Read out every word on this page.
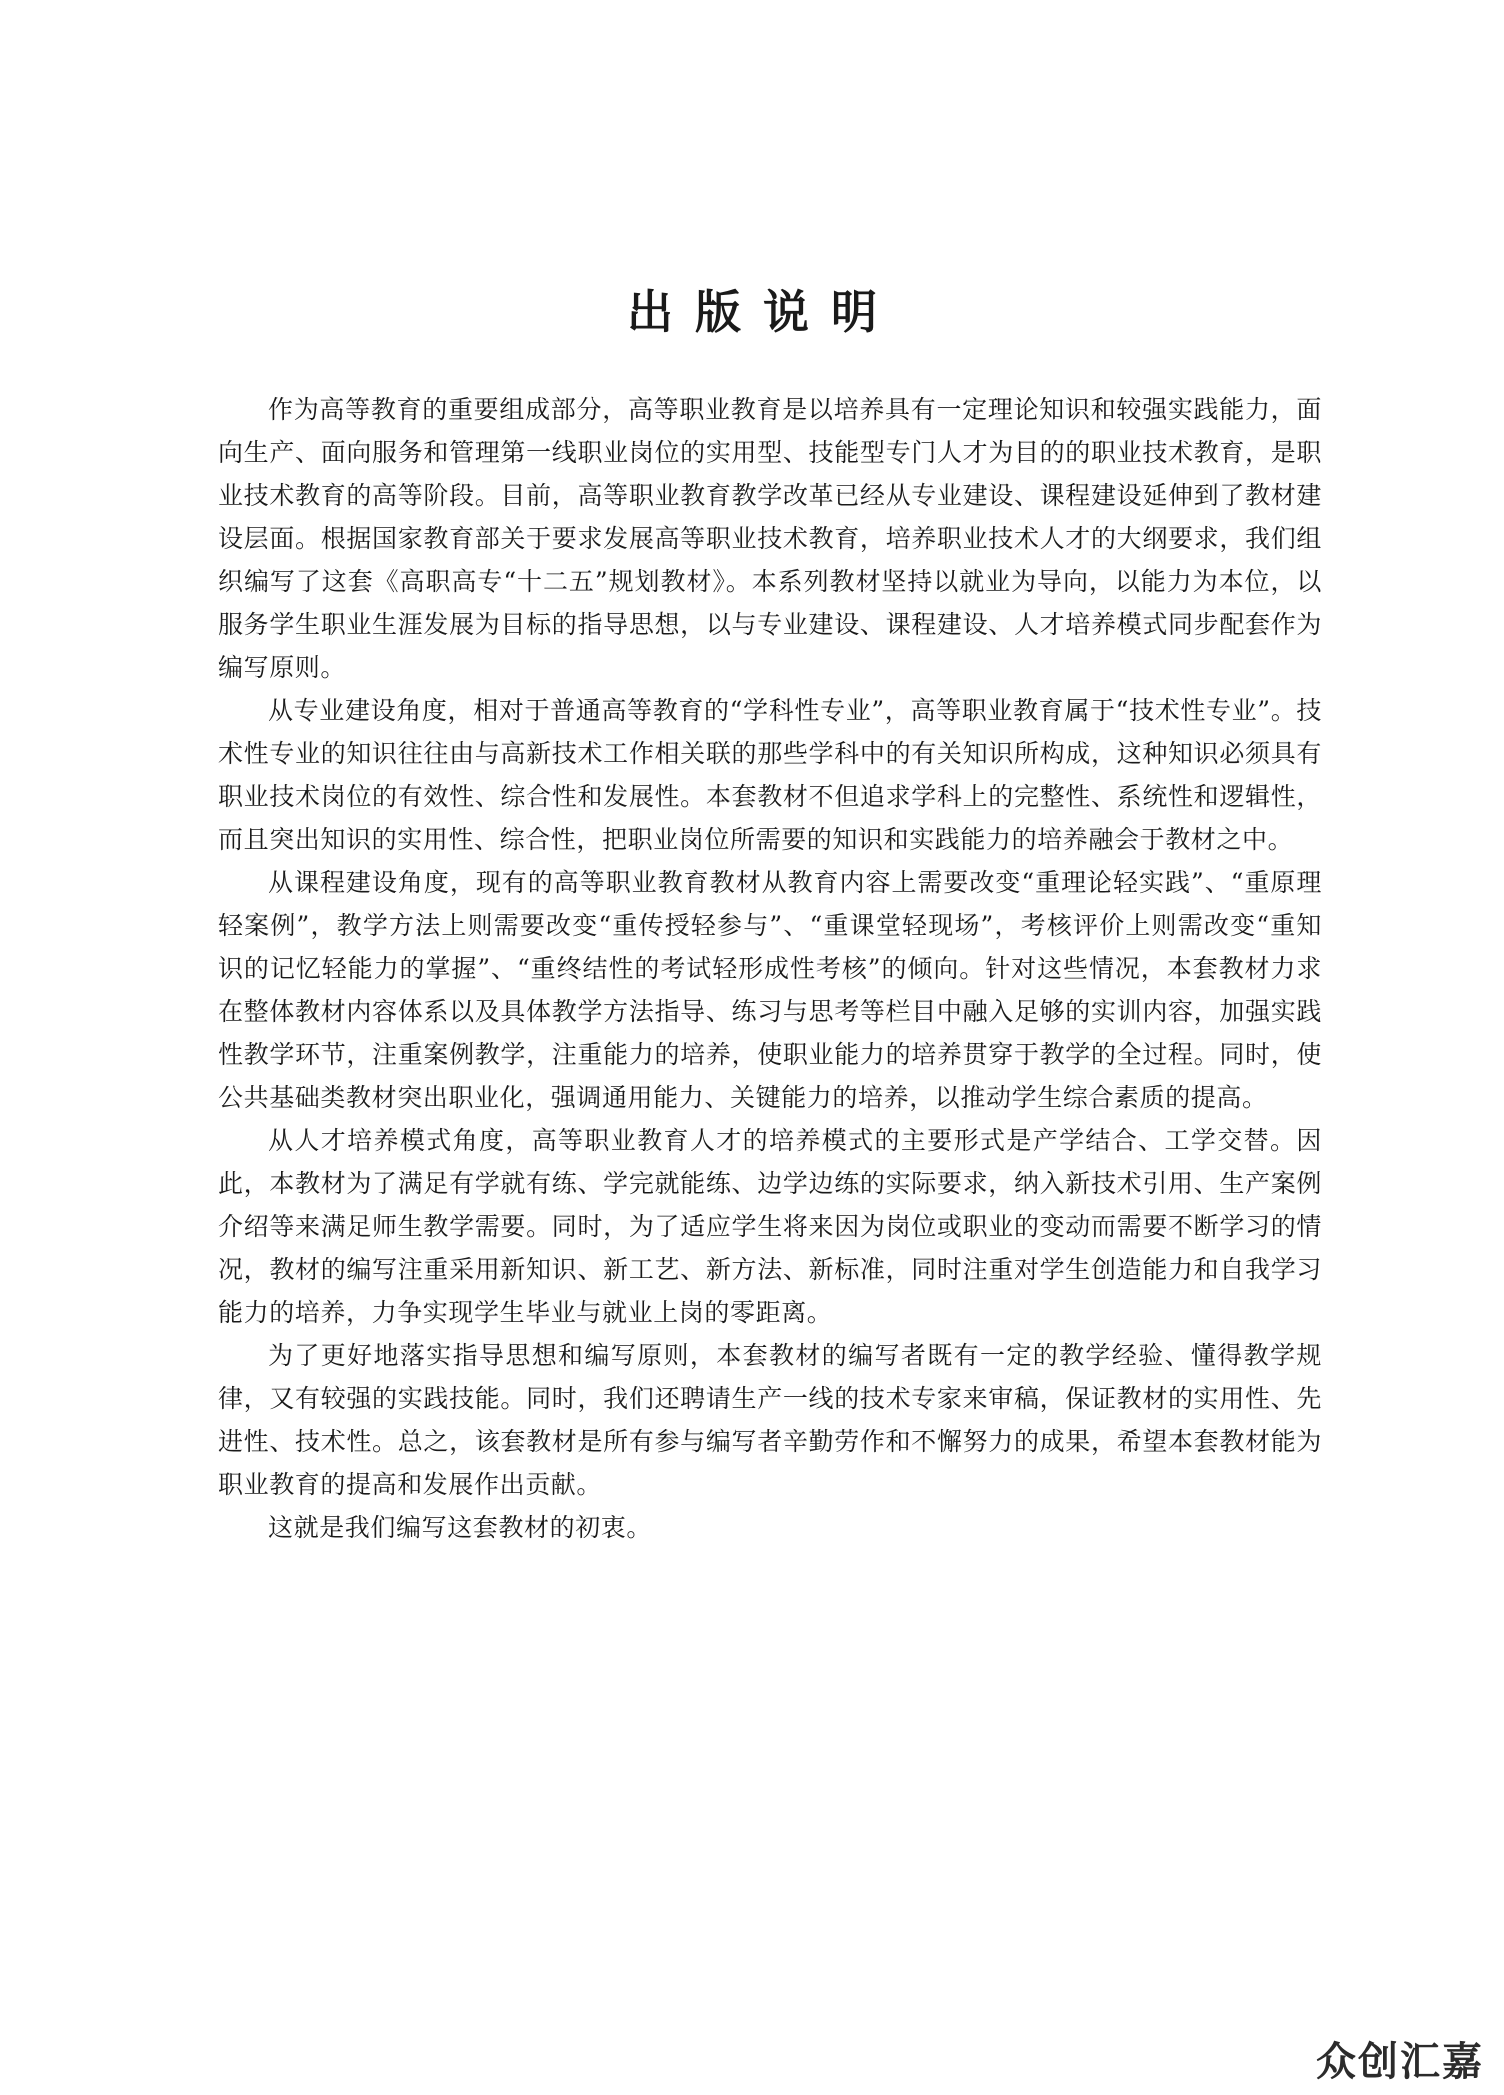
出版说明

作为高等教育的重要组成部分，高等职业教育是以培养具有一定理论知识和较强实践能力，面向生产、面向服务和管理第一线职业岗位的实用型、技能型专门人才为目的的职业技术教育，是职业技术教育的高等阶段。目前，高等职业教育教学改革已经从专业建设、课程建设延伸到了教材建设层面。根据国家教育部关于要求发展高等职业技术教育，培养职业技术人才的大纲要求，我们组织编写了这套《高职高专“十二五”规划教材》。本系列教材坚持以就业为导向，以能力为本位，以服务学生职业生涯发展为目标的指导思想，以与专业建设、课程建设、人才培养模式同步配套作为编写原则。

从专业建设角度，相对于普通高等教育的“学科性专业”，高等职业教育属于“技术性专业”。技术性专业的知识往往由与高新技术工作相关联的那些学科中的有关知识所构成，这种知识必须具有职业技术岗位的有效性、综合性和发展性。本套教材不但追求学科上的完整性、系统性和逻辑性，而且突出知识的实用性、综合性，把职业岗位所需要的知识和实践能力的培养融会于教材之中。

从课程建设角度，现有的高等职业教育教材从教育内容上需要改变“重理论轻实践”、“重原理轻案例”，教学方法上则需要改变“重传授轻参与”、“重课堂轻现场”，考核评价上则需改变“重知识的记忆轻能力的掌握”、“重终结性的考试轻形成性考核”的倾向。针对这些情况，本套教材力求在整体教材内容体系以及具体教学方法指导、练习与思考等栏目中融入足够的实训内容，加强实践性教学环节，注重案例教学，注重能力的培养，使职业能力的培养贯穿于教学的全过程。同时，使公共基础类教材突出职业化，强调通用能力、关键能力的培养，以推动学生综合素质的提高。

从人才培养模式角度，高等职业教育人才的培养模式的主要形式是产学结合、工学交替。因此，本教材为了满足有学就有练、学完就能练、边学边练的实际要求，纳入新技术引用、生产案例介绍等来满足师生教学需要。同时，为了适应学生将来因为岗位或职业的变动而需要不断学习的情况，教材的编写注重采用新知识、新工艺、新方法、新标准，同时注重对学生创造能力和自我学习能力的培养，力争实现学生毕业与就业上岗的零距离。

为了更好地落实指导思想和编写原则，本套教材的编写者既有一定的教学经验、懂得教学规律，又有较强的实践技能。同时，我们还聘请生产一线的技术专家来审稿，保证教材的实用性、先进性、技术性。总之，该套教材是所有参与编写者辛勤劳作和不懈努力的成果，希望本套教材能为职业教育的提高和发展作出贡献。

这就是我们编写这套教材的初衷。

众创汇嘉
